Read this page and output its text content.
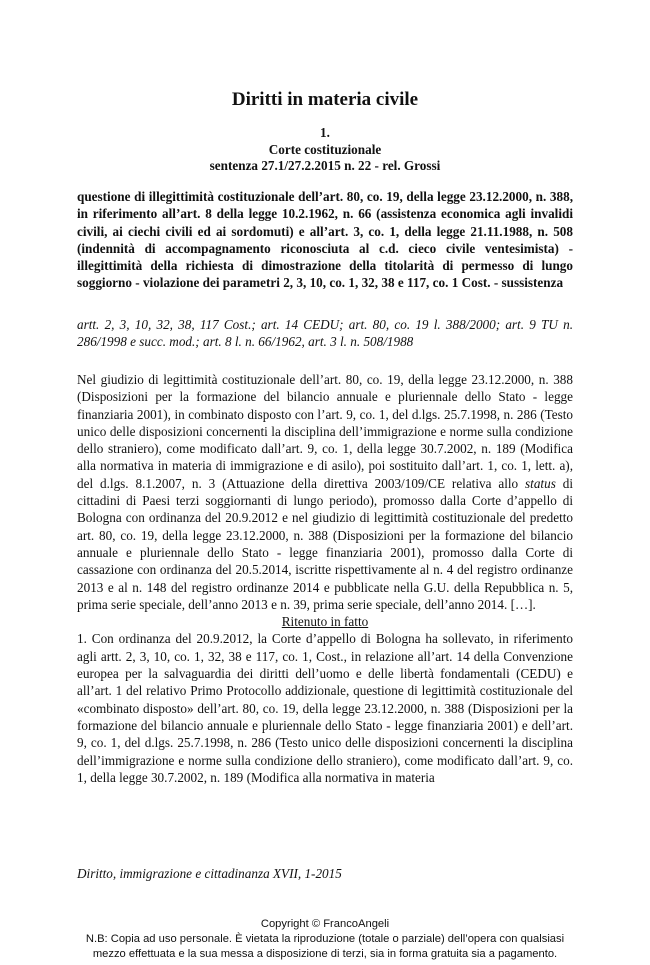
Diritti in materia civile
1.
Corte costituzionale
sentenza 27.1/27.2.2015 n. 22 - rel. Grossi
questione di illegittimità costituzionale dell’art. 80, co. 19, della legge 23.12.2000, n. 388, in riferimento all’art. 8 della legge 10.2.1962, n. 66 (assistenza economica agli invalidi civili, ai ciechi civili ed ai sordomuti) e all’art. 3, co. 1, della legge 21.11.1988, n. 508 (indennità di accompagnamento riconosciuta al c.d. cieco civile ventesimista) - illegittimità della richiesta di dimostrazione della titolarità di permesso di lungo soggiorno - violazione dei parametri 2, 3, 10, co. 1, 32, 38 e 117, co. 1 Cost. - sussistenza
artt. 2, 3, 10, 32, 38, 117 Cost.; art. 14 CEDU; art. 80, co. 19 l. 388/2000; art. 9 TU n. 286/1998 e succ. mod.; art. 8 l. n. 66/1962, art. 3 l. n. 508/1988

Nel giudizio di legittimità costituzionale dell’art. 80, co. 19, della legge 23.12.2000, n. 388 (Disposizioni per la formazione del bilancio annuale e pluriennale dello Stato - legge finanziaria 2001), in combinato disposto con l’art. 9, co. 1, del d.lgs. 25.7.1998, n. 286 (Testo unico delle disposizioni concernenti la disciplina dell’immigrazione e norme sulla condizione dello straniero), come modificato dall’art. 9, co. 1, della legge 30.7.2002, n. 189 (Modifica alla normativa in materia di immigrazione e di asilo), poi sostituito dall’art. 1, co. 1, lett. a), del d.lgs. 8.1.2007, n. 3 (Attuazione della direttiva 2003/109/CE relativa allo status di cittadini di Paesi terzi soggiornanti di lungo periodo), promosso dalla Corte d’appello di Bologna con ordinanza del 20.9.2012 e nel giudizio di legittimità costituzionale del predetto art. 80, co. 19, della legge 23.12.2000, n. 388 (Disposizioni per la formazione del bilancio annuale e pluriennale dello Stato - legge finanziaria 2001), promosso dalla Corte di cassazione con ordinanza del 20.5.2014, iscritte rispettivamente al n. 4 del registro ordinanze 2013 e al n. 148 del registro ordinanze 2014 e pubblicate nella G.U. della Repubblica n. 5, prima serie speciale, dell’anno 2013 e n. 39, prima serie speciale, dell’anno 2014. […].

Ritenuto in fatto

1. Con ordinanza del 20.9.2012, la Corte d’appello di Bologna ha sollevato, in riferimento agli artt. 2, 3, 10, co. 1, 32, 38 e 117, co. 1, Cost., in relazione all’art. 14 della Convenzione europea per la salvaguardia dei diritti dell’uomo e delle libertà fondamentali (CEDU) e all’art. 1 del relativo Primo Protocollo addizionale, questione di legittimità costituzionale del «combinato disposto» dell’art. 80, co. 19, della legge 23.12.2000, n. 388 (Disposizioni per la formazione del bilancio annuale e pluriennale dello Stato - legge finanziaria 2001) e dell’art. 9, co. 1, del d.lgs. 25.7.1998, n. 286 (Testo unico delle disposizioni concernenti la disciplina dell’immigrazione e norme sulla condizione dello straniero), come modificato dall’art. 9, co. 1, della legge 30.7.2002, n. 189 (Modifica alla normativa in materia

Diritto, immigrazione e cittadinanza XVII, 1-2015
Copyright © FrancoAngeli
N.B: Copia ad uso personale. È vietata la riproduzione (totale o parziale) dell’opera con qualsiasi
mezzo effettuata e la sua messa a disposizione di terzi, sia in forma gratuita sia a pagamento.
